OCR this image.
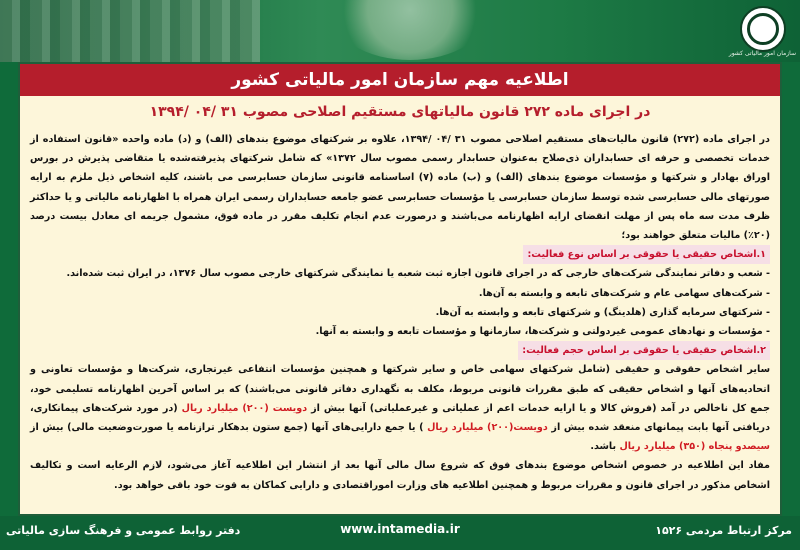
سازمان امور مالیاتی کشور
اطلاعیه مهم سازمان امور مالیاتی کشور
در اجرای ماده ۲۷۲ قانون مالیاتهای مستقیم اصلاحی مصوب ۳۱ /۰۴ /۱۳۹۴

در اجرای ماده (۲۷۲) قانون مالیات‌های مستقیم اصلاحی مصوب ۳۱ /۰۴ /۱۳۹۴، علاوه بر شرکتهای موضوع بندهای (الف) و (د) ماده واحده «قانون استفاده از خدمات تخصصی و حرفه ای حسابداران ذی‌صلاح به‌عنوان حسابدار رسمی مصوب سال ۱۳۷۲» که شامل شرکتهای پذیرفته‌شده یا متقاضی پذیرش در بورس اوراق بهادار و شرکتها و مؤسسات موضوع بندهای (الف) و (ب) ماده (۷) اساسنامه قانونی سازمان حسابرسی می باشند، کلیه اشخاص ذیل ملزم به ارایه صورتهای مالی حسابرسی شده توسط سازمان حسابرسی یا مؤسسات حسابرسی عضو جامعه حسابداران رسمی ایران همراه با اظهارنامه مالیاتی و یا حداکثر ظرف مدت سه ماه پس از مهلت انقضای ارایه اظهارنامه می‌باشند و درصورت عدم انجام تکلیف مقرر در ماده فوق، مشمول جریمه ای معادل بیست درصد (۲۰٪) مالیات متعلق خواهند بود؛

۱.اشخاص حقیقی یا حقوقی بر اساس نوع فعالیت:

- شعب و دفاتر نمایندگی شرکت‌های خارجی که در اجرای قانون اجازه ثبت شعبه یا نمایندگی شرکتهای خارجی مصوب سال ۱۳۷۶، در ایران ثبت شده‌اند.

- شرکت‌های سهامی عام و شرکت‌های تابعه و وابسته به آن‌ها.

- شرکتهای سرمایه گذاری (هلدینگ) و شرکتهای تابعه و وابسته به آن‌ها.

- مؤسسات و نهادهای عمومی غیردولتی و شرکت‌ها، سازمانها و مؤسسات تابعه و وابسته به آنها.

۲.اشخاص حقیقی یا حقوقی بر اساس حجم فعالیت:

سایر اشخاص حقوقی و حقیقی (شامل شرکتهای سهامی خاص و سایر شرکتها و همچنین مؤسسات انتفاعی غیرتجاری، شرکت‌ها و مؤسسات تعاونی و اتحادیه‌های آنها و اشخاص حقیقی که طبق مقررات قانونی مربوط، مکلف به نگهداری دفاتر قانونی می‌باشند) که بر اساس آخرین اظهارنامه تسلیمی خود، جمع کل ناخالص در آمد (فروش کالا و یا ارایه خدمات اعم از عملیاتی و غیرعملیاتی) آنها بیش از دویست (۲۰۰) میلیارد ریال (در مورد شرکت‌های پیمانکاری، دریافتی آنها بابت پیمانهای منعقد شده بیش از دویست(۲۰۰) میلیارد ریال ) یا جمع دارایی‌های آنها (جمع ستون بدهکار ترازنامه یا صورت‌وضعیت مالی) بیش از سیصدو پنجاه (۳۵۰) میلیارد ریال باشد.

مفاد این اطلاعیه در خصوص اشخاص موضوع بندهای فوق که شروع سال مالی آنها بعد از انتشار این اطلاعیه آغاز می‌شود، لازم الرعایه است و تکالیف اشخاص مذکور در اجرای قانون و مقررات مربوط و همچنین اطلاعیه های وزارت اموراقتصادی و دارایی کماکان به قوت خود باقی خواهد بود.

دفتر روابط عمومی و فرهنگ سازی مالیاتی	www.intamedia.ir	مرکز ارتباط مردمی ۱۵۲۶
